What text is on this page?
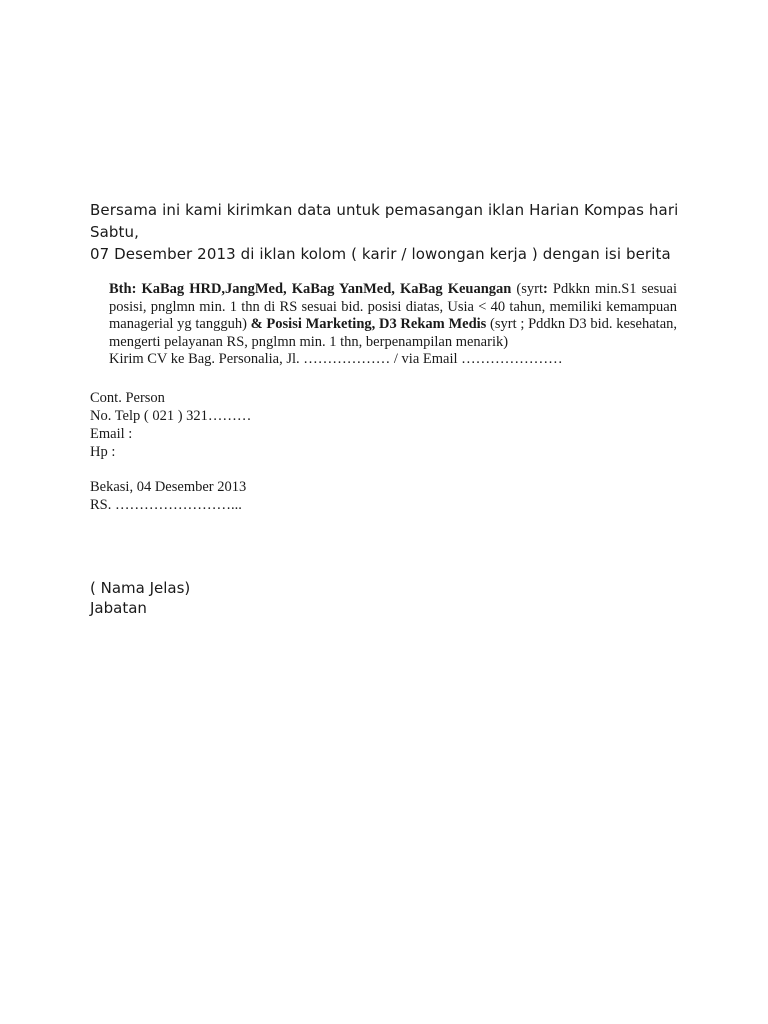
Bersama ini kami kirimkan data untuk pemasangan iklan Harian Kompas hari Sabtu,

07 Desember 2013 di iklan kolom ( karir / lowongan kerja ) dengan isi berita

Bth: KaBag HRD,JangMed, KaBag YanMed, KaBag Keuangan (syrt: Pdkkn min.S1 sesuai posisi, pnglmn min. 1 thn di RS sesuai bid. posisi diatas, Usia < 40 tahun, memiliki kemampuan managerial yg tangguh) & Posisi Marketing, D3 Rekam Medis (syrt ; Pddkn D3 bid. kesehatan, mengerti pelayanan RS, pnglmn min. 1 thn, berpenampilan menarik)

Kirim CV ke Bag. Personalia, Jl. ……………… / via Email …………………

Cont. Person

No. Telp ( 021 ) 321………

Email :

Hp :

Bekasi, 04 Desember 2013

RS. ……………………...

( Nama Jelas)

Jabatan
